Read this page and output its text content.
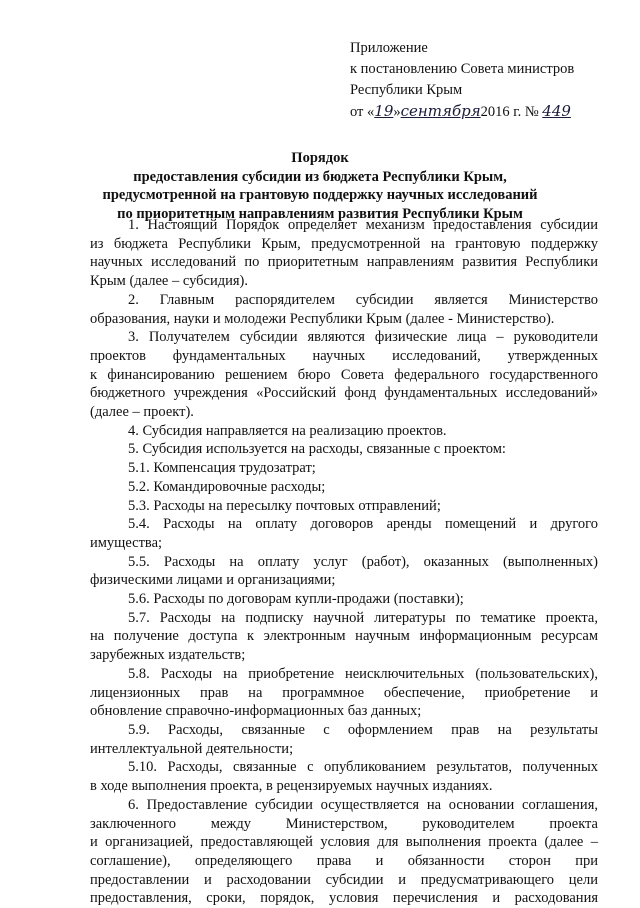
Приложение
к постановлению Совета министров
Республики Крым
от «19»сентября2016 г. № 449
Порядок
предоставления субсидии из бюджета Республики Крым,
предусмотренной на грантовую поддержку научных исследований
по приоритетным направлениям развития Республики Крым
1. Настоящий Порядок определяет механизм предоставления субсидии
из бюджета Республики Крым, предусмотренной на грантовую поддержку
научных исследований по приоритетным направлениям развития Республики
Крым (далее – субсидия).
2. Главным распорядителем субсидии является Министерство
образования, науки и молодежи Республики Крым (далее - Министерство).
3. Получателем субсидии являются физические лица – руководители
проектов фундаментальных научных исследований, утвержденных
к финансированию решением бюро Совета федерального государственного
бюджетного учреждения «Российский фонд фундаментальных исследований»
(далее – проект).
4. Субсидия направляется на реализацию проектов.
5. Субсидия используется на расходы, связанные с проектом:
5.1. Компенсация трудозатрат;
5.2. Командировочные расходы;
5.3. Расходы на пересылку почтовых отправлений;
5.4. Расходы на оплату договоров аренды помещений и другого
имущества;
5.5. Расходы на оплату услуг (работ), оказанных (выполненных)
физическими лицами и организациями;
5.6. Расходы по договорам купли-продажи (поставки);
5.7. Расходы на подписку научной литературы по тематике проекта,
на получение доступа к электронным научным информационным ресурсам
зарубежных издательств;
5.8. Расходы на приобретение неисключительных (пользовательских),
лицензионных прав на программное обеспечение, приобретение и
обновление справочно-информационных баз данных;
5.9. Расходы, связанные с оформлением прав на результаты
интеллектуальной деятельности;
5.10. Расходы, связанные с опубликованием результатов, полученных
в ходе выполнения проекта, в рецензируемых научных изданиях.
6. Предоставление субсидии осуществляется на основании соглашения,
заключенного между Министерством, руководителем проекта
и организацией, предоставляющей условия для выполнения проекта (далее –
соглашение), определяющего права и обязанности сторон при
предоставлении и расходовании субсидии и предусматривающего цели
предоставления, сроки, порядок, условия перечисления и расходования
